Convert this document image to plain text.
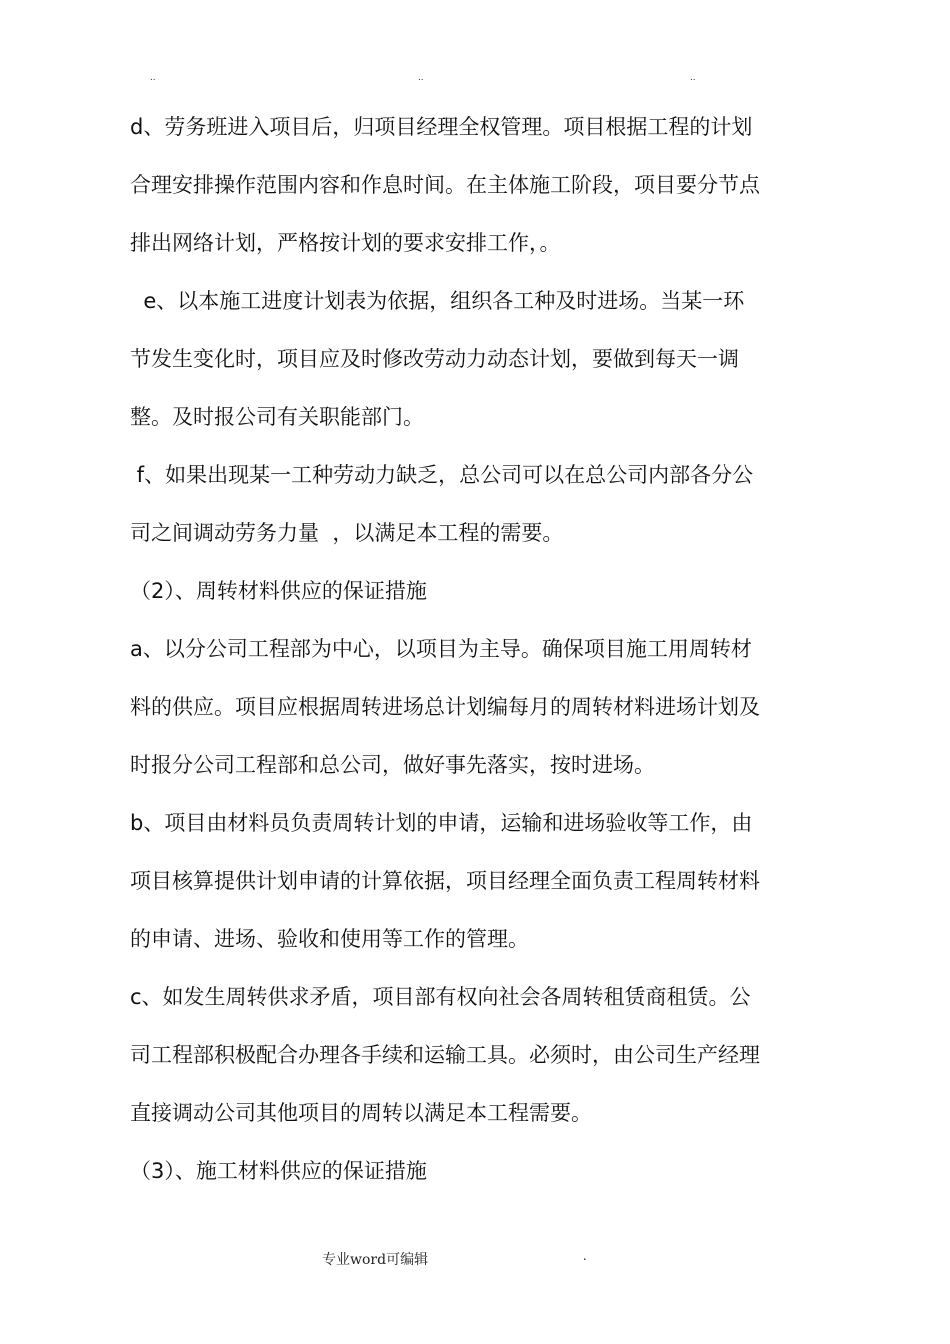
..	..	..
d、劳务班进入项目后，归项目经理全权管理。项目根据工程的计划
合理安排操作范围内容和作息时间。在主体施工阶段，项目要分节点
排出网络计划，严格按计划的要求安排工作，。
e、以本施工进度计划表为依据，组织各工种及时进场。当某一环
节发生变化时，项目应及时修改劳动力动态计划，要做到每天一调
整。及时报公司有关职能部门。
f、如果出现某一工种劳动力缺乏，总公司可以在总公司内部各分公
司之间调动劳务力量  ，以满足本工程的需要。
（2）、周转材料供应的保证措施
a、以分公司工程部为中心，以项目为主导。确保项目施工用周转材
料的供应。项目应根据周转进场总计划编每月的周转材料进场计划及
时报分公司工程部和总公司，做好事先落实，按时进场。
b、项目由材料员负责周转计划的申请，运输和进场验收等工作，由
项目核算提供计划申请的计算依据，项目经理全面负责工程周转材料
的申请、进场、验收和使用等工作的管理。
c、如发生周转供求矛盾，项目部有权向社会各周转租赁商租赁。公
司工程部积极配合办理各手续和运输工具。必须时，由公司生产经理
直接调动公司其他项目的周转以满足本工程需要。
（3）、施工材料供应的保证措施
专业word可编辑	.
